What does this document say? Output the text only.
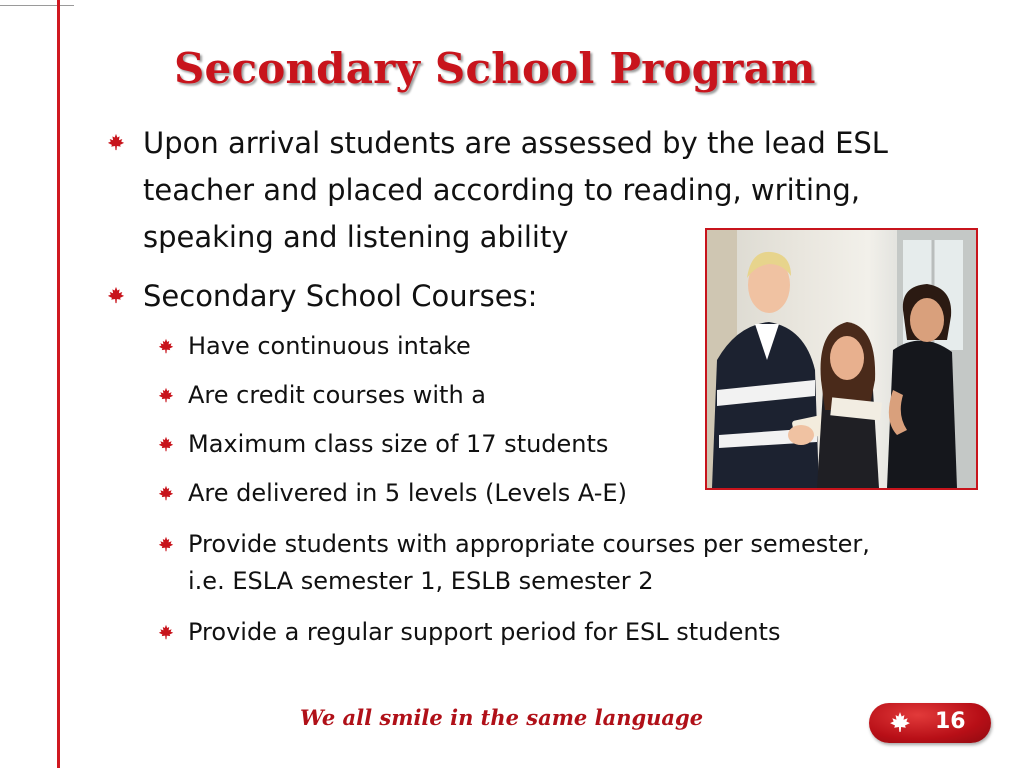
Secondary School Program
Upon arrival students are assessed by the lead ESL
teacher and placed according to reading, writing,
speaking and listening ability
Secondary School Courses:
Have continuous intake
Are credit courses with a
Maximum class size of 17 students
Are delivered in 5 levels (Levels A-E)
Provide students with appropriate courses per semester,
i.e. ESLA semester 1, ESLB semester 2
Provide a regular support period for ESL students
We all smile in the same language	16
